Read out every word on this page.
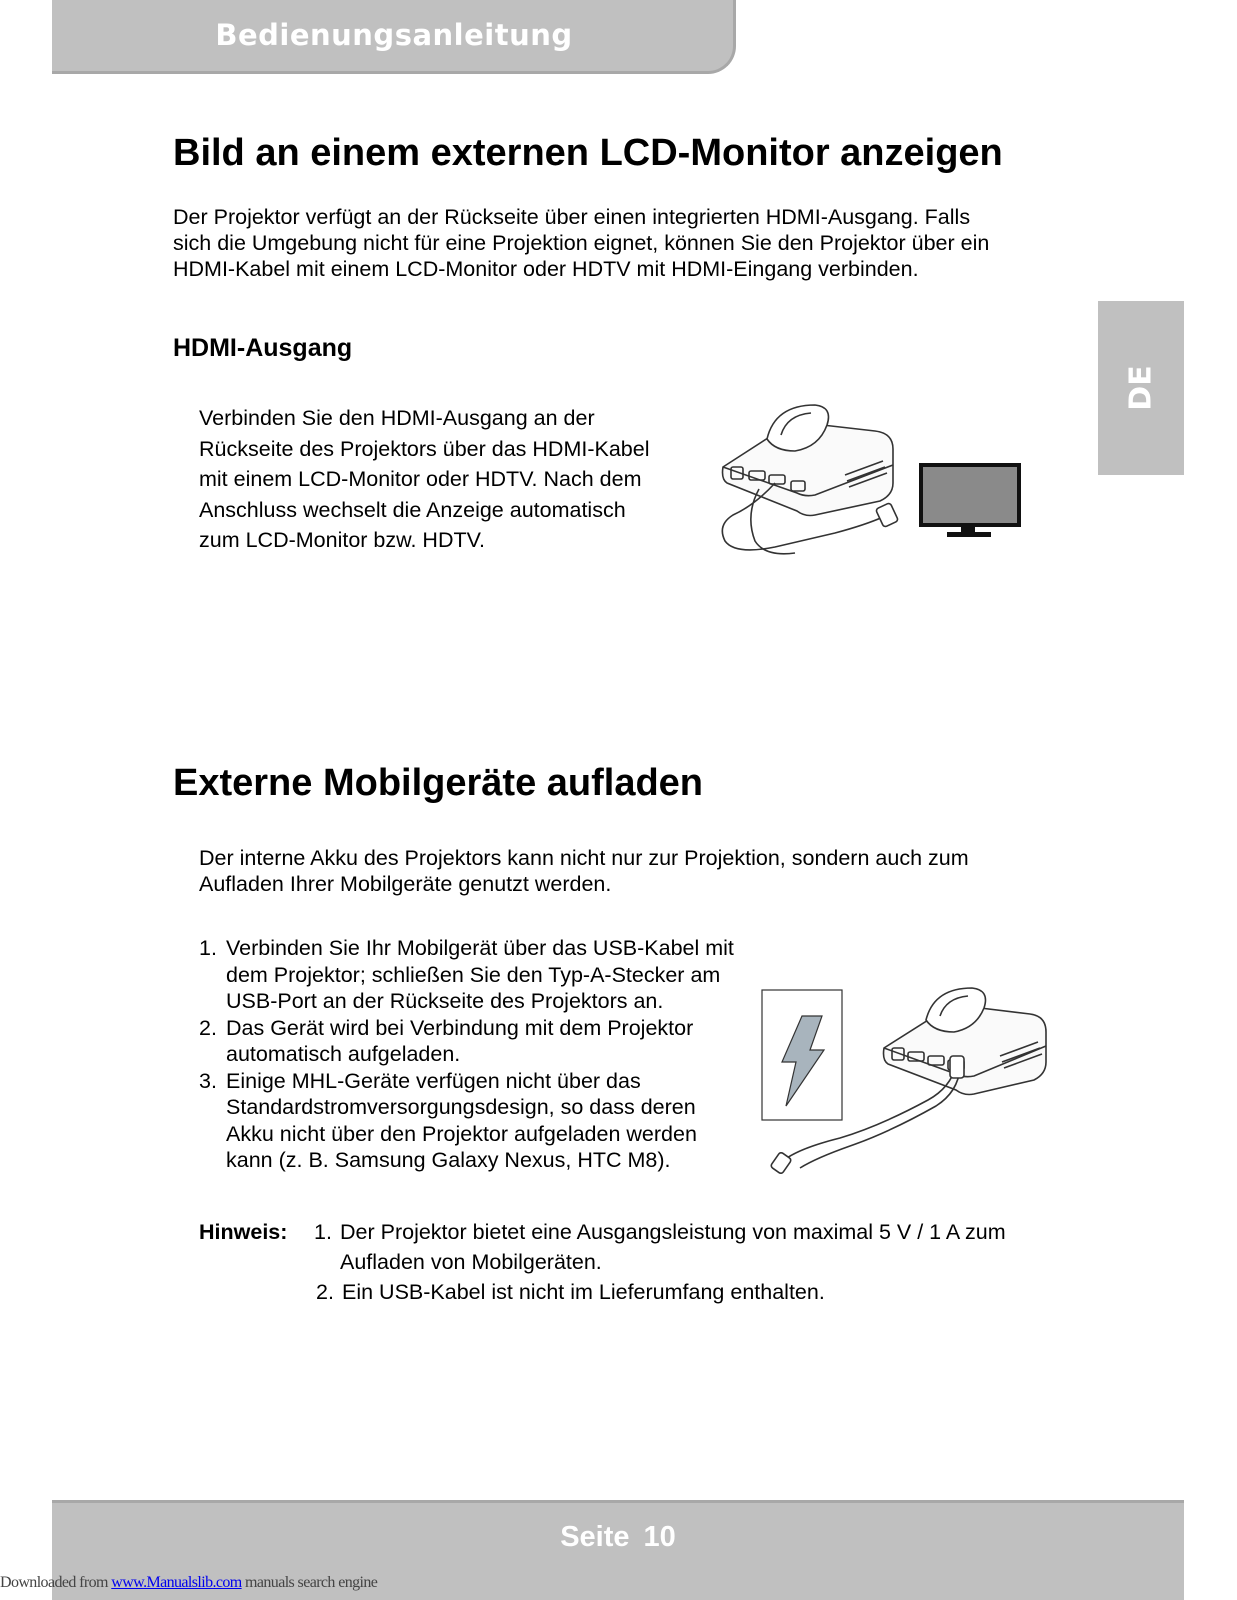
Bedienungsanleitung
DE
Bild an einem externen LCD-Monitor anzeigen
Der Projektor verfügt an der Rückseite über einen integrierten HDMI-Ausgang. Falls
sich die Umgebung nicht für eine Projektion eignet, können Sie den Projektor über ein
HDMI-Kabel mit einem LCD-Monitor oder HDTV mit HDMI-Eingang verbinden.
HDMI-Ausgang
Verbinden Sie den HDMI-Ausgang an der
Rückseite des Projektors über das HDMI-Kabel
mit einem LCD-Monitor oder HDTV. Nach dem
Anschluss wechselt die Anzeige automatisch
zum LCD-Monitor bzw. HDTV.
Externe Mobilgeräte aufladen
Der interne Akku des Projektors kann nicht nur zur Projektion, sondern auch zum
Aufladen Ihrer Mobilgeräte genutzt werden.
1. Verbinden Sie Ihr Mobilgerät über das USB-Kabel mit
dem Projektor; schließen Sie den Typ-A-Stecker am
USB-Port an der Rückseite des Projektors an.
2. Das Gerät wird bei Verbindung mit dem Projektor
automatisch aufgeladen.
3. Einige MHL-Geräte verfügen nicht über das
Standardstromversorgungsdesign, so dass deren
Akku nicht über den Projektor aufgeladen werden
kann (z. B. Samsung Galaxy Nexus, HTC M8).
Hinweis: 1. Der Projektor bietet eine Ausgangsleistung von maximal 5 V / 1 A zum
Aufladen von Mobilgeräten.
2. Ein USB-Kabel ist nicht im Lieferumfang enthalten.
Seite 10
Downloaded from www.Manualslib.com manuals search engine
